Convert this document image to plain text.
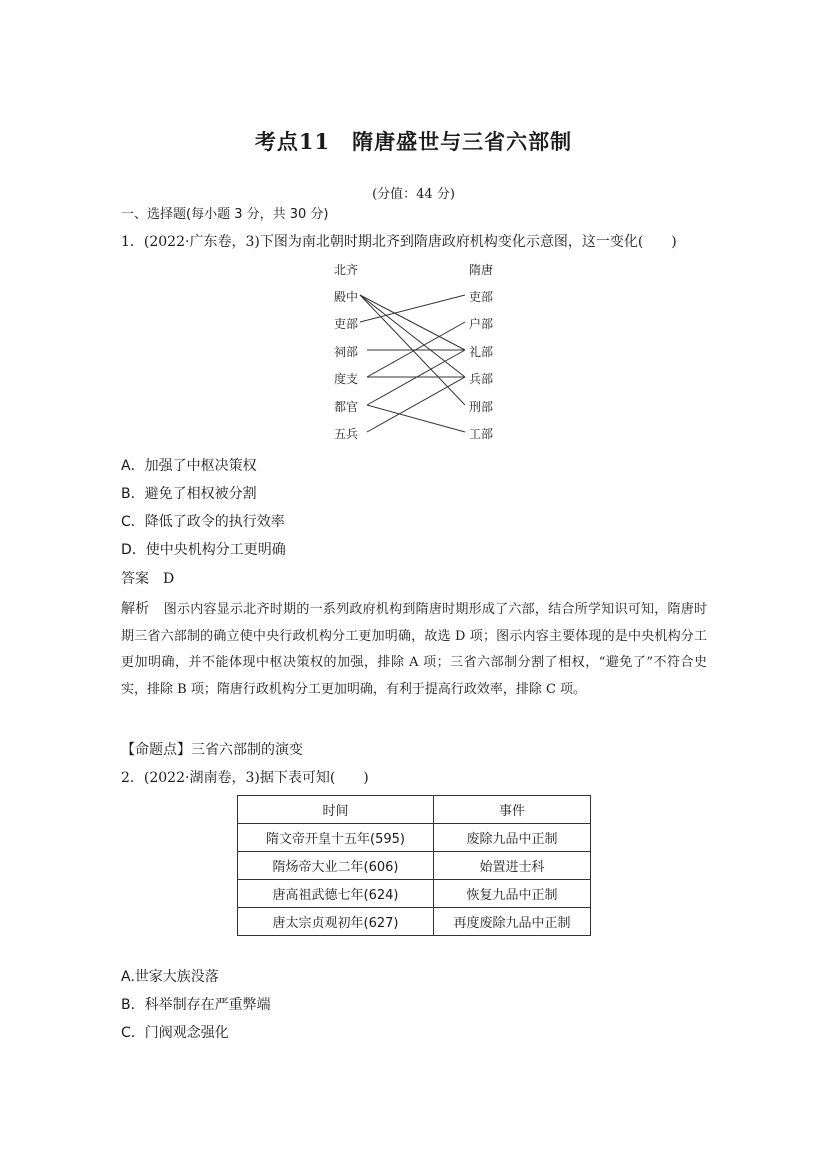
考点11　隋唐盛世与三省六部制
(分值：44 分)
一、选择题(每小题 3 分，共 30 分)
1．(2022·广东卷，3)下图为南北朝时期北齐到隋唐政府机构变化示意图，这一变化(　　)
北齐	隋唐
殿中
吏部
祠部
度支
都官
五兵
吏部
户部
礼部
兵部
刑部
工部
A．加强了中枢决策权
B．避免了相权被分割
C．降低了政令的执行效率
D．使中央机构分工更明确
答案 D
解析 图示内容显示北齐时期的一系列政府机构到隋唐时期形成了六部，结合所学知识可知，隋唐时期三省六部制的确立使中央行政机构分工更加明确，故选 D 项；图示内容主要体现的是中央机构分工更加明确，并不能体现中枢决策权的加强，排除 A 项；三省六部制分割了相权，“避免了”不符合史实，排除 B 项；隋唐行政机构分工更加明确，有利于提高行政效率，排除 C 项。
【命题点】三省六部制的演变
2．(2022·湖南卷，3)据下表可知(　　)
时间	事件
隋文帝开皇十五年(595)	废除九品中正制
隋炀帝大业二年(606)	始置进士科
唐高祖武德七年(624)	恢复九品中正制
唐太宗贞观初年(627)	再度废除九品中正制
A.世家大族没落
B．科举制存在严重弊端
C．门阀观念强化
